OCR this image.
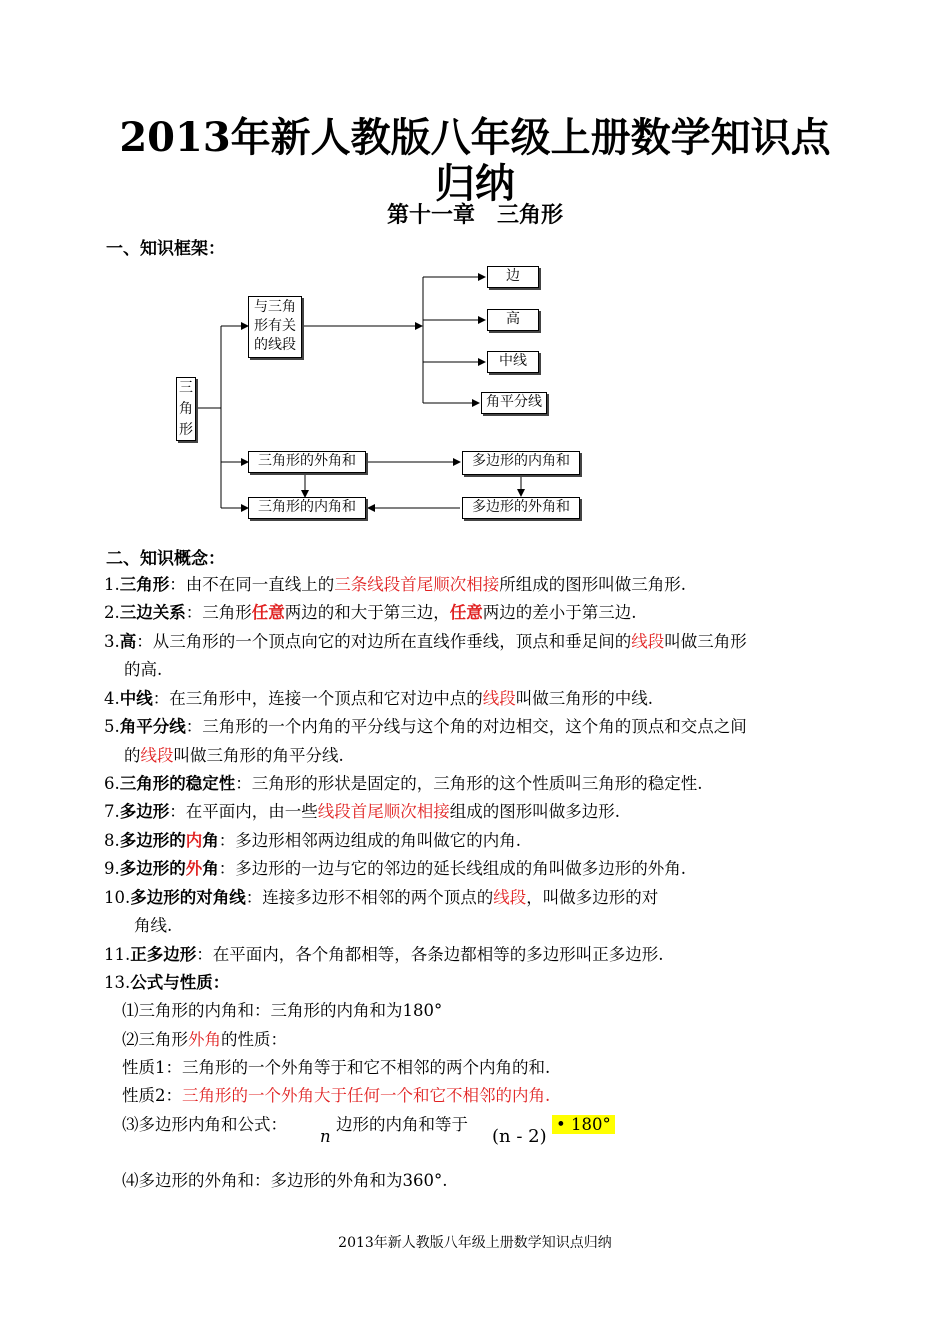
2013年新人教版八年级上册数学知识点
归纳
第十一章　三角形
一、知识框架：
三角形
与三角形有关的线段
边
高
中线
角平分线
三角形的外角和
三角形的内角和
多边形的内角和
多边形的外角和
二、知识概念：
1.三角形：由不在同一直线上的三条线段首尾顺次相接所组成的图形叫做三角形.
2.三边关系：三角形任意两边的和大于第三边，任意两边的差小于第三边.
3.高：从三角形的一个顶点向它的对边所在直线作垂线，顶点和垂足间的线段叫做三角形
的高.
4.中线：在三角形中，连接一个顶点和它对边中点的线段叫做三角形的中线.
5.角平分线：三角形的一个内角的平分线与这个角的对边相交，这个角的顶点和交点之间
的线段叫做三角形的角平分线.
6.三角形的稳定性：三角形的形状是固定的，三角形的这个性质叫三角形的稳定性.
7.多边形：在平面内，由一些线段首尾顺次相接组成的图形叫做多边形.
8.多边形的内角：多边形相邻两边组成的角叫做它的内角.
9.多边形的外角：多边形的一边与它的邻边的延长线组成的角叫做多边形的外角.
10.多边形的对角线：连接多边形不相邻的两个顶点的线段，叫做多边形的对
角线.
11.正多边形：在平面内，各个角都相等，各条边都相等的多边形叫正多边形.
13.公式与性质：
⑴三角形的内角和：三角形的内角和为180°
⑵三角形外角的性质：
性质1：三角形的一个外角等于和它不相邻的两个内角的和.
性质2：三角形的一个外角大于任何一个和它不相邻的内角.
⑶多边形内角和公式：
n
边形的内角和等于
(n - 2)
• 180°
⑷多边形的外角和：多边形的外角和为360°.
2013年新人教版八年级上册数学知识点归纳
